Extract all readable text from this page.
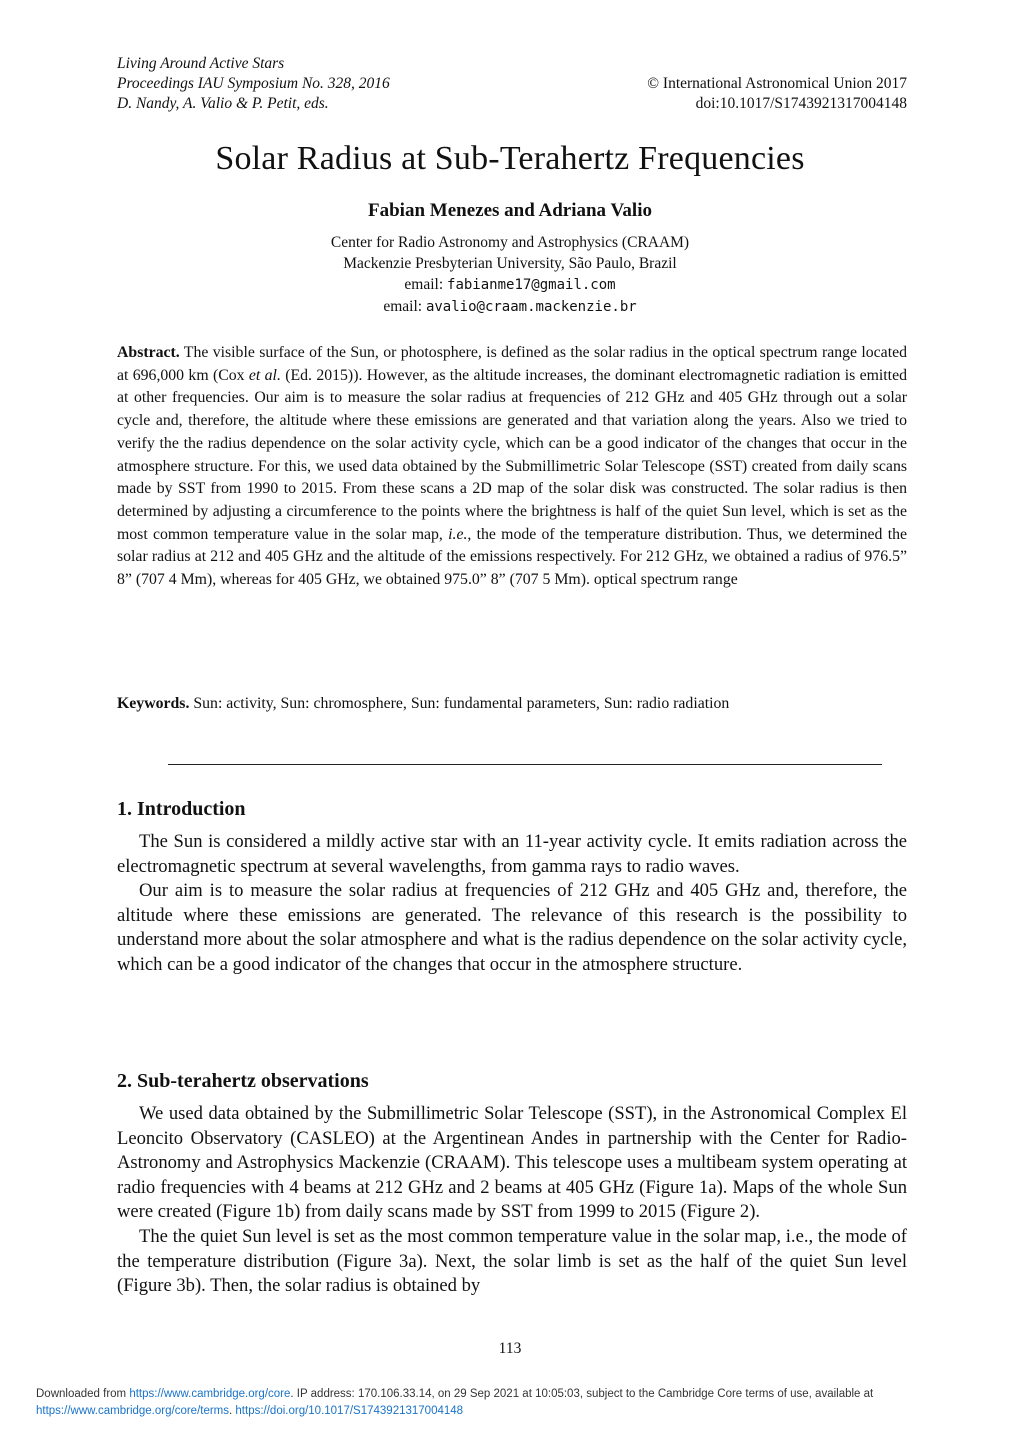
Living Around Active Stars
Proceedings IAU Symposium No. 328, 2016
D. Nandy, A. Valio & P. Petit, eds.
© International Astronomical Union 2017
doi:10.1017/S1743921317004148
Solar Radius at Sub-Terahertz Frequencies
Fabian Menezes and Adriana Valio
Center for Radio Astronomy and Astrophysics (CRAAM)
Mackenzie Presbyterian University, São Paulo, Brazil
email: fabianme17@gmail.com
email: avalio@craam.mackenzie.br
Abstract. The visible surface of the Sun, or photosphere, is defined as the solar radius in the optical spectrum range located at 696,000 km (Cox et al. (Ed. 2015)). However, as the altitude increases, the dominant electromagnetic radiation is emitted at other frequencies. Our aim is to measure the solar radius at frequencies of 212 GHz and 405 GHz through out a solar cycle and, therefore, the altitude where these emissions are generated and that variation along the years. Also we tried to verify the the radius dependence on the solar activity cycle, which can be a good indicator of the changes that occur in the atmosphere structure. For this, we used data obtained by the Submillimetric Solar Telescope (SST) created from daily scans made by SST from 1990 to 2015. From these scans a 2D map of the solar disk was constructed. The solar radius is then determined by adjusting a circumference to the points where the brightness is half of the quiet Sun level, which is set as the most common temperature value in the solar map, i.e., the mode of the temperature distribution. Thus, we determined the solar radius at 212 and 405 GHz and the altitude of the emissions respectively. For 212 GHz, we obtained a radius of 976.5” 8” (707 4 Mm), whereas for 405 GHz, we obtained 975.0” 8” (707 5 Mm). optical spectrum range
Keywords. Sun: activity, Sun: chromosphere, Sun: fundamental parameters, Sun: radio radiation
1. Introduction

The Sun is considered a mildly active star with an 11-year activity cycle. It emits radiation across the electromagnetic spectrum at several wavelengths, from gamma rays to radio waves.

Our aim is to measure the solar radius at frequencies of 212 GHz and 405 GHz and, therefore, the altitude where these emissions are generated. The relevance of this research is the possibility to understand more about the solar atmosphere and what is the radius dependence on the solar activity cycle, which can be a good indicator of the changes that occur in the atmosphere structure.

2. Sub-terahertz observations

We used data obtained by the Submillimetric Solar Telescope (SST), in the Astronomical Complex El Leoncito Observatory (CASLEO) at the Argentinean Andes in partnership with the Center for Radio-Astronomy and Astrophysics Mackenzie (CRAAM). This telescope uses a multibeam system operating at radio frequencies with 4 beams at 212 GHz and 2 beams at 405 GHz (Figure 1a). Maps of the whole Sun were created (Figure 1b) from daily scans made by SST from 1999 to 2015 (Figure 2).

The the quiet Sun level is set as the most common temperature value in the solar map, i.e., the mode of the temperature distribution (Figure 3a). Next, the solar limb is set as the half of the quiet Sun level (Figure 3b). Then, the solar radius is obtained by

113
Downloaded from https://www.cambridge.org/core. IP address: 170.106.33.14, on 29 Sep 2021 at 10:05:03, subject to the Cambridge Core terms of use, available at
https://www.cambridge.org/core/terms. https://doi.org/10.1017/S1743921317004148
